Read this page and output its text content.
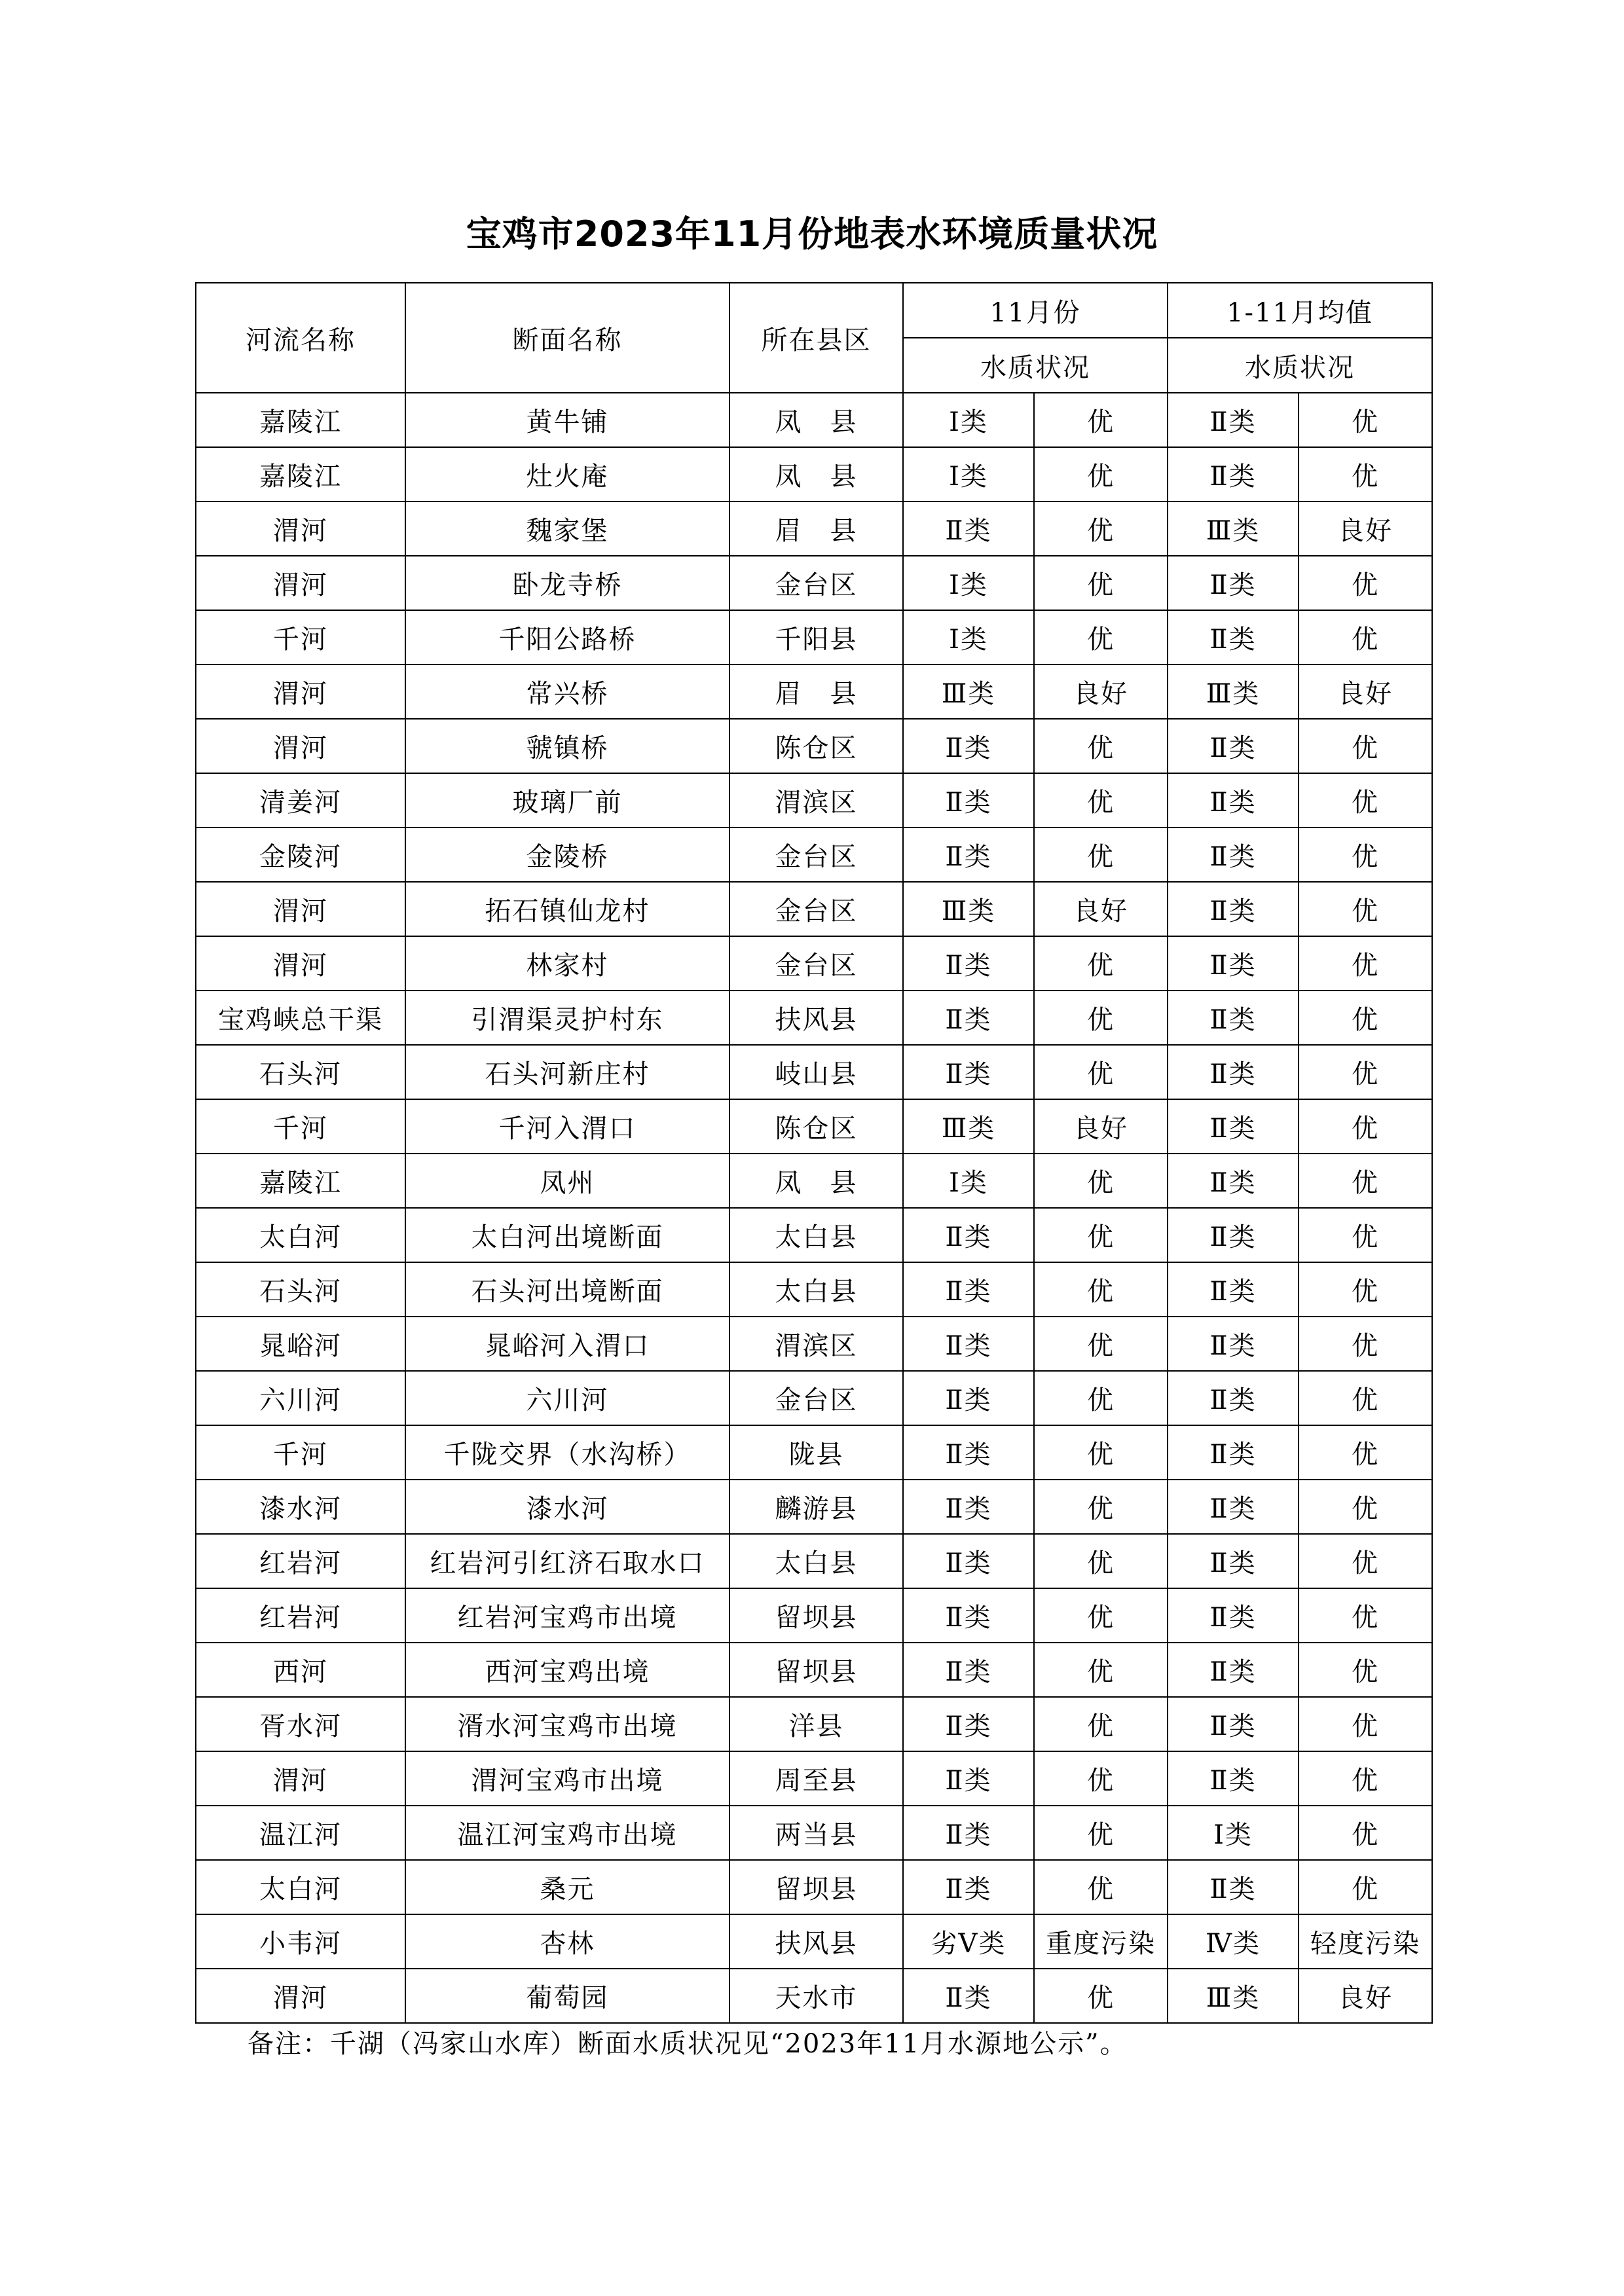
宝鸡市2023年11月份地表水环境质量状况
河流名称	断面名称	所在县区	11月份		1-11月均值	
			水质状况		水质状况	
嘉陵江	黄牛铺	凤　县	Ⅰ类	优	Ⅱ类	优
嘉陵江	灶火庵	凤　县	Ⅰ类	优	Ⅱ类	优
渭河	魏家堡	眉　县	Ⅱ类	优	Ⅲ类	良好
渭河	卧龙寺桥	金台区	Ⅰ类	优	Ⅱ类	优
千河	千阳公路桥	千阳县	Ⅰ类	优	Ⅱ类	优
渭河	常兴桥	眉　县	Ⅲ类	良好	Ⅲ类	良好
渭河	虢镇桥	陈仓区	Ⅱ类	优	Ⅱ类	优
清姜河	玻璃厂前	渭滨区	Ⅱ类	优	Ⅱ类	优
金陵河	金陵桥	金台区	Ⅱ类	优	Ⅱ类	优
渭河	拓石镇仙龙村	金台区	Ⅲ类	良好	Ⅱ类	优
渭河	林家村	金台区	Ⅱ类	优	Ⅱ类	优
宝鸡峡总干渠	引渭渠灵护村东	扶风县	Ⅱ类	优	Ⅱ类	优
石头河	石头河新庄村	岐山县	Ⅱ类	优	Ⅱ类	优
千河	千河入渭口	陈仓区	Ⅲ类	良好	Ⅱ类	优
嘉陵江	凤州	凤　县	Ⅰ类	优	Ⅱ类	优
太白河	太白河出境断面	太白县	Ⅱ类	优	Ⅱ类	优
石头河	石头河出境断面	太白县	Ⅱ类	优	Ⅱ类	优
晁峪河	晁峪河入渭口	渭滨区	Ⅱ类	优	Ⅱ类	优
六川河	六川河	金台区	Ⅱ类	优	Ⅱ类	优
千河	千陇交界（水沟桥）	陇县	Ⅱ类	优	Ⅱ类	优
漆水河	漆水河	麟游县	Ⅱ类	优	Ⅱ类	优
红岩河	红岩河引红济石取水口	太白县	Ⅱ类	优	Ⅱ类	优
红岩河	红岩河宝鸡市出境	留坝县	Ⅱ类	优	Ⅱ类	优
西河	西河宝鸡出境	留坝县	Ⅱ类	优	Ⅱ类	优
胥水河	湑水河宝鸡市出境	洋县	Ⅱ类	优	Ⅱ类	优
渭河	渭河宝鸡市出境	周至县	Ⅱ类	优	Ⅱ类	优
温江河	温江河宝鸡市出境	两当县	Ⅱ类	优	Ⅰ类	优
太白河	桑元	留坝县	Ⅱ类	优	Ⅱ类	优
小韦河	杏林	扶风县	劣Ⅴ类	重度污染	Ⅳ类	轻度污染
渭河	葡萄园	天水市	Ⅱ类	优	Ⅲ类	良好
备注：千湖（冯家山水库）断面水质状况见“2023年11月水源地公示”。
